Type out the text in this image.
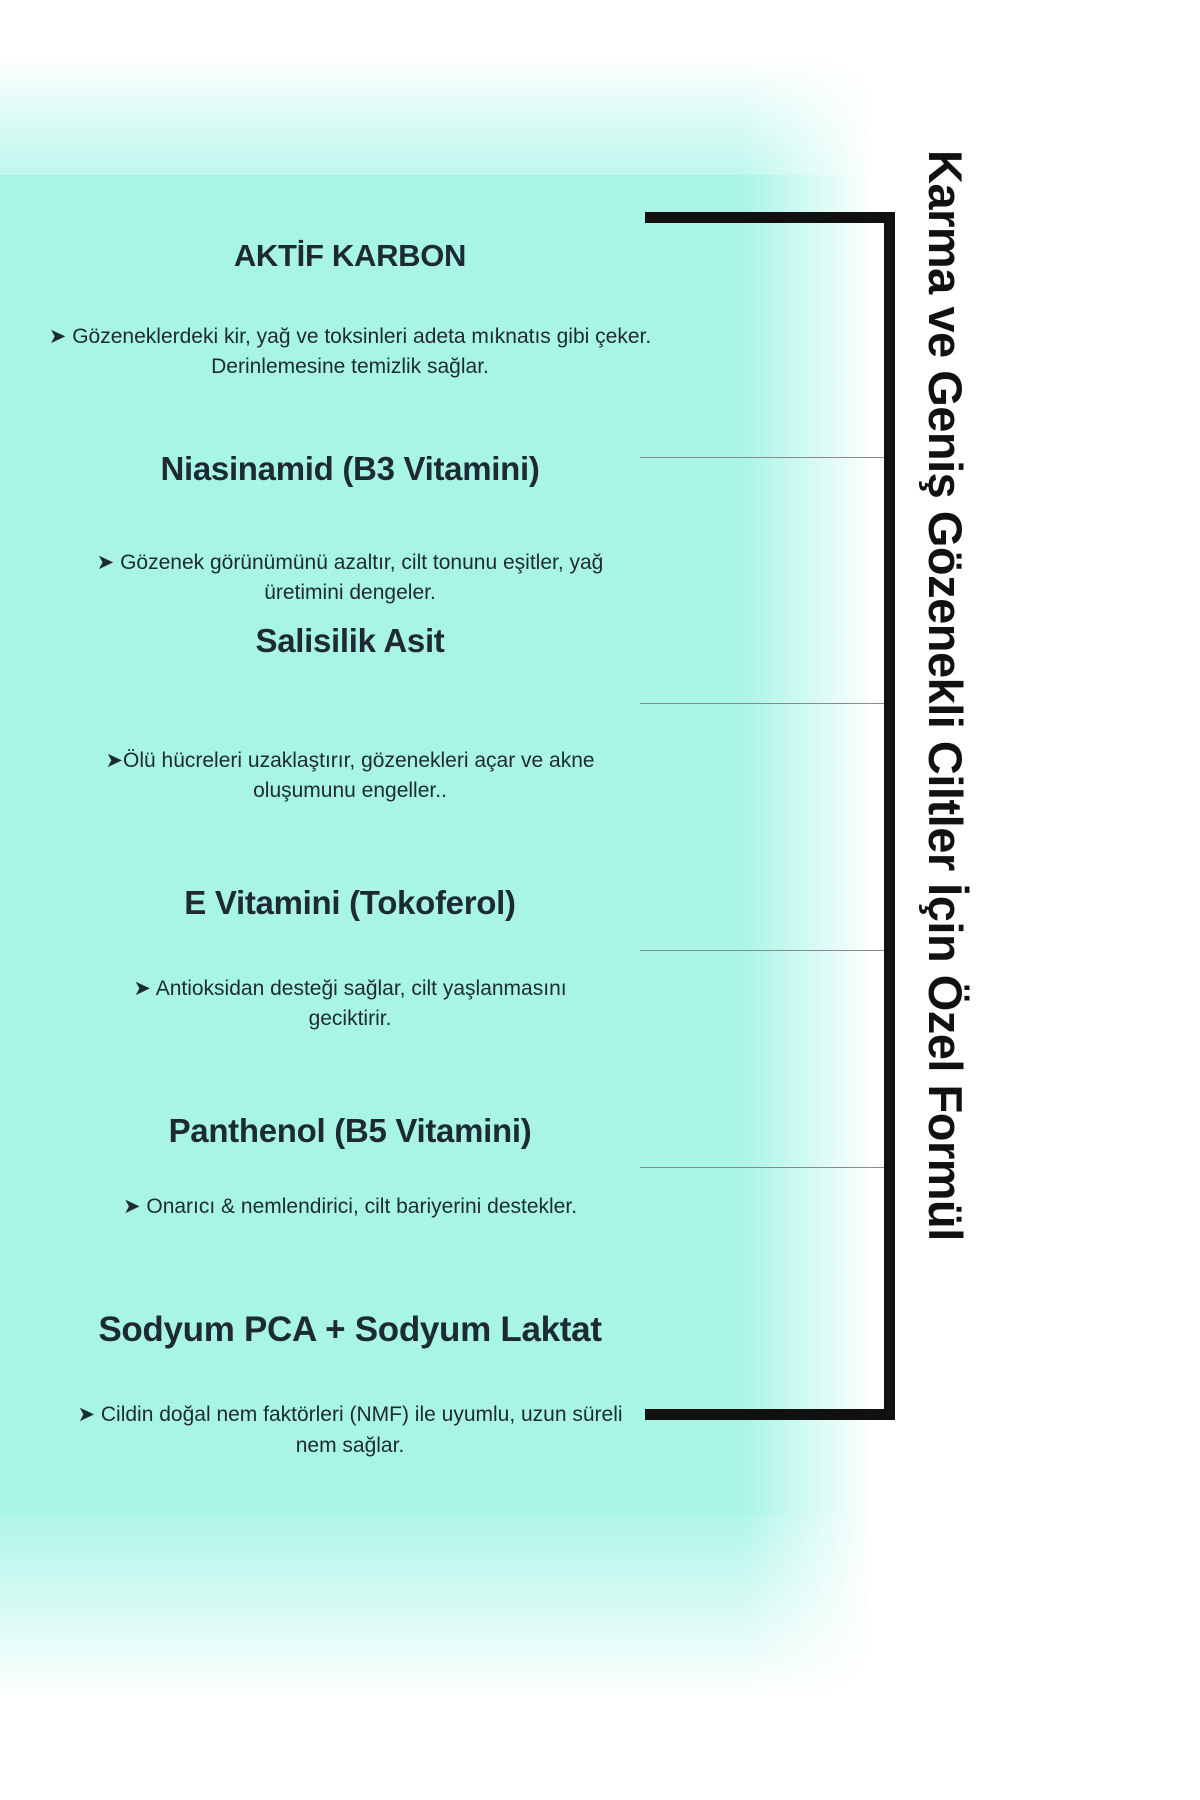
AKTİF KARBON

➤ Gözeneklerdeki kir, yağ ve toksinleri adeta mıknatıs gibi çeker. Derinlemesine temizlik sağlar.

Niasinamid (B3 Vitamini)

➤ Gözenek görünümünü azaltır, cilt tonunu eşitler, yağ üretimini dengeler.

Salisilik Asit

➤Ölü hücreleri uzaklaştırır, gözenekleri açar ve akne oluşumunu engeller..

E Vitamini (Tokoferol)

➤ Antioksidan desteği sağlar, cilt yaşlanmasını geciktirir.

Panthenol (B5 Vitamini)

➤ Onarıcı & nemlendirici, cilt bariyerini destekler.

Sodyum PCA + Sodyum Laktat

➤ Cildin doğal nem faktörleri (NMF) ile uyumlu, uzun süreli nem sağlar.

Karma ve Geniş Gözenekli Ciltler İçin Özel Formül
